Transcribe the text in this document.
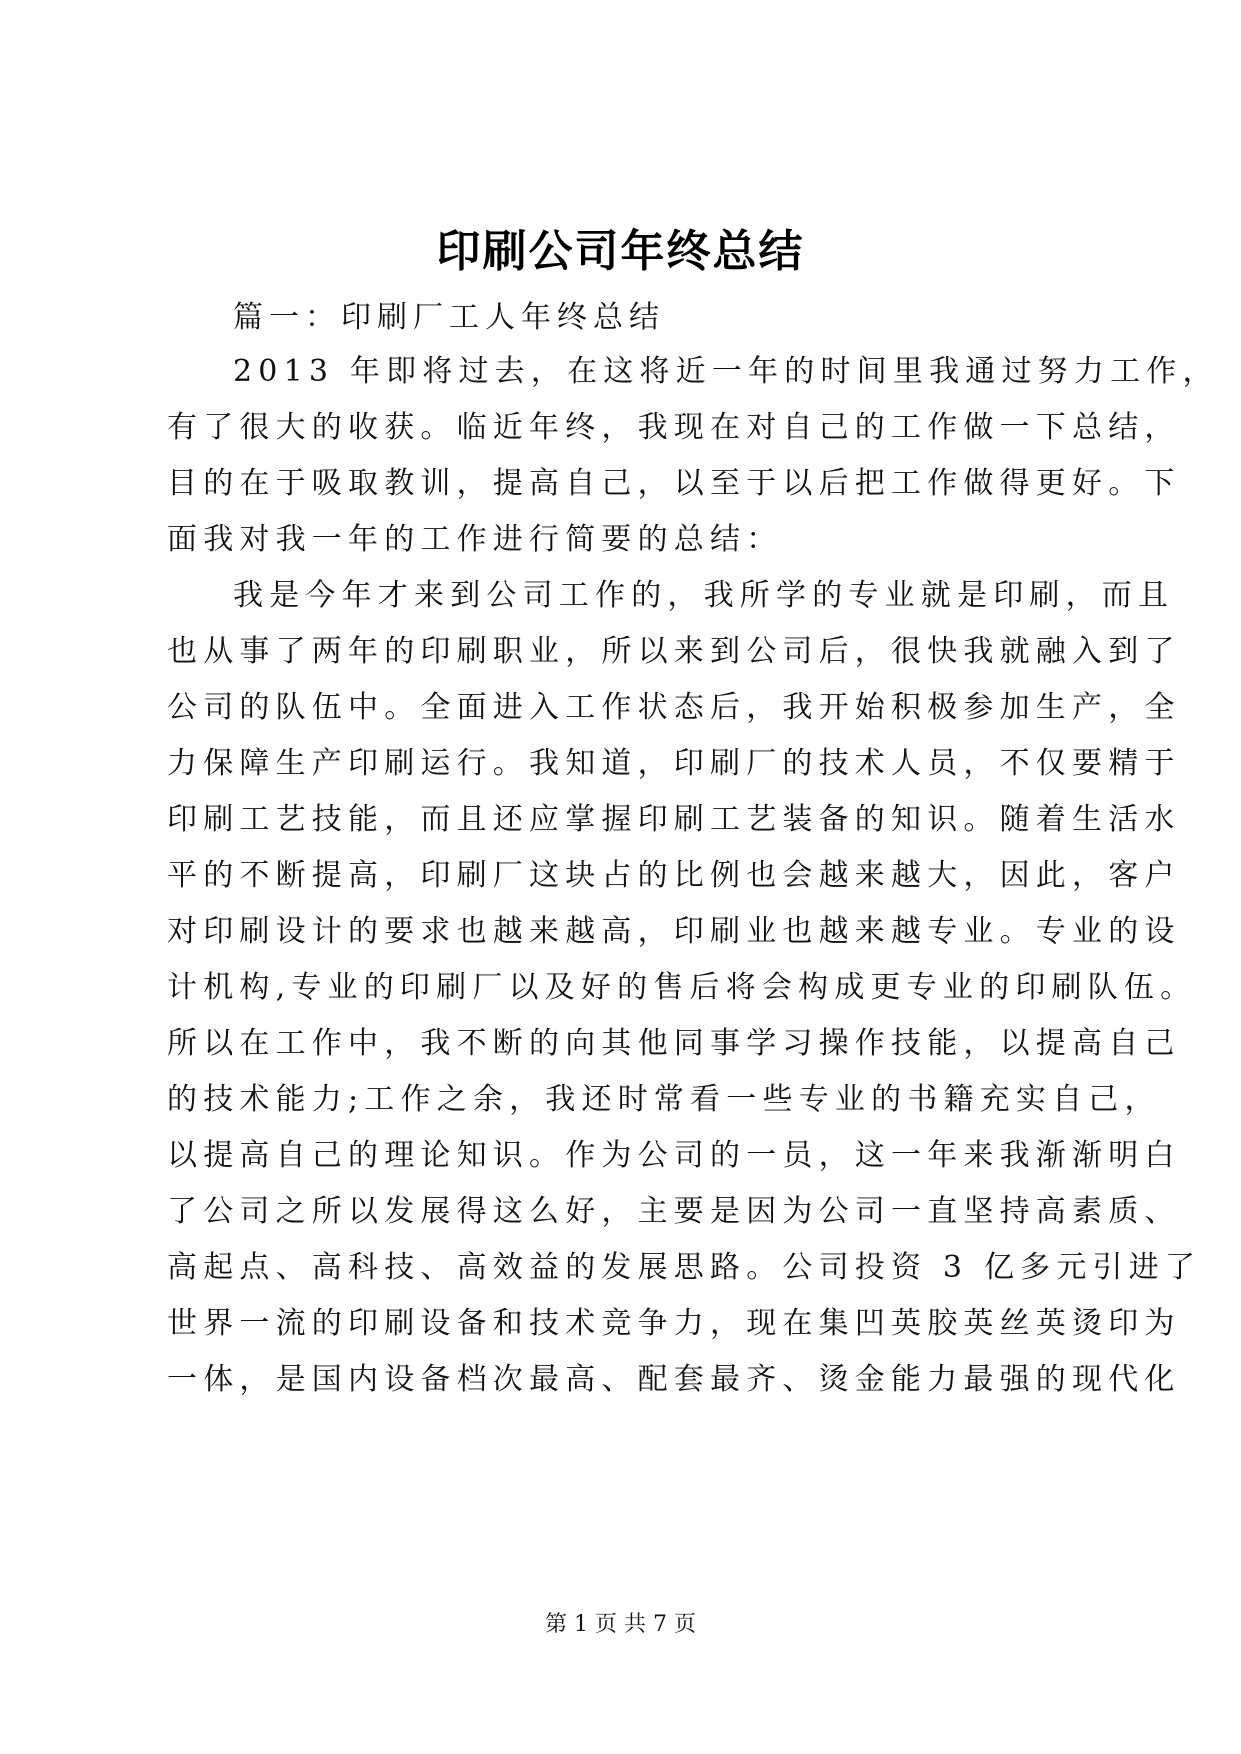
印刷公司年终总结

篇一：印刷厂工人年终总结

2013 年即将过去，在这将近一年的时间里我通过努力工作，

有了很大的收获。临近年终，我现在对自己的工作做一下总结，

目的在于吸取教训，提高自己，以至于以后把工作做得更好。下

面我对我一年的工作进行简要的总结：

我是今年才来到公司工作的，我所学的专业就是印刷，而且

也从事了两年的印刷职业，所以来到公司后，很快我就融入到了

公司的队伍中。全面进入工作状态后，我开始积极参加生产，全

力保障生产印刷运行。我知道，印刷厂的技术人员，不仅要精于

印刷工艺技能，而且还应掌握印刷工艺装备的知识。随着生活水

平的不断提高，印刷厂这块占的比例也会越来越大，因此，客户

对印刷设计的要求也越来越高，印刷业也越来越专业。专业的设

计机构,专业的印刷厂以及好的售后将会构成更专业的印刷队伍。

所以在工作中，我不断的向其他同事学习操作技能，以提高自己

的技术能力;工作之余，我还时常看一些专业的书籍充实自己，

以提高自己的理论知识。作为公司的一员，这一年来我渐渐明白

了公司之所以发展得这么好，主要是因为公司一直坚持高素质、

高起点、高科技、高效益的发展思路。公司投资 3 亿多元引进了

世界一流的印刷设备和技术竞争力，现在集凹英胶英丝英烫印为

一体，是国内设备档次最高、配套最齐、烫金能力最强的现代化

第 1 页 共 7 页
